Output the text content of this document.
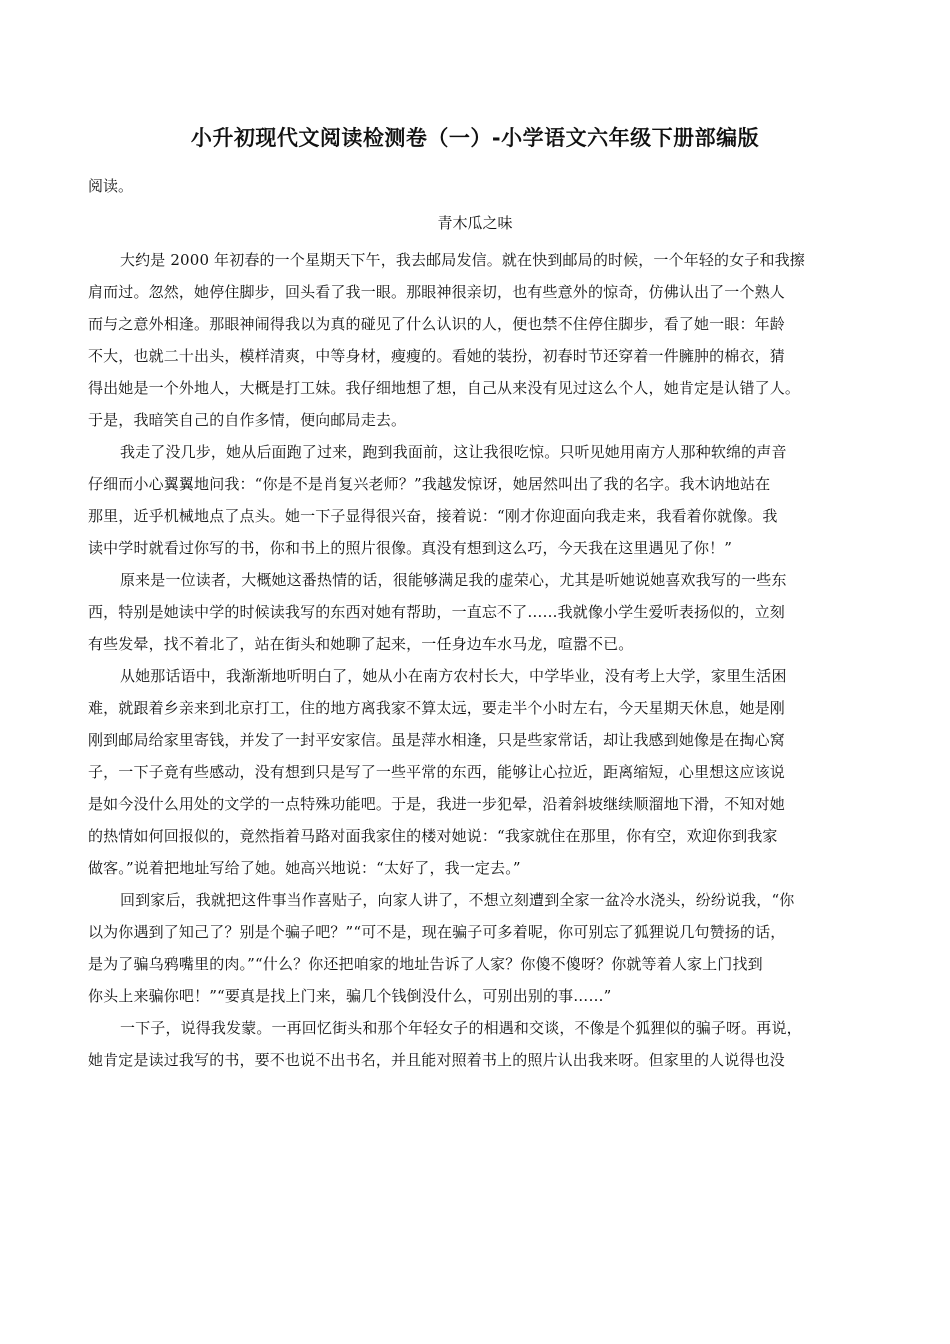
小升初现代文阅读检测卷（一）-小学语文六年级下册部编版
阅读。
青木瓜之味
大约是 2000 年初春的一个星期天下午，我去邮局发信。就在快到邮局的时候，一个年轻的女子和我擦
肩而过。忽然，她停住脚步，回头看了我一眼。那眼神很亲切，也有些意外的惊奇，仿佛认出了一个熟人
而与之意外相逢。那眼神闹得我以为真的碰见了什么认识的人，便也禁不住停住脚步，看了她一眼：年龄
不大，也就二十出头，模样清爽，中等身材，瘦瘦的。看她的装扮，初春时节还穿着一件臃肿的棉衣，猜
得出她是一个外地人，大概是打工妹。我仔细地想了想，自己从来没有见过这么个人，她肯定是认错了人。
于是，我暗笑自己的自作多情，便向邮局走去。
我走了没几步，她从后面跑了过来，跑到我面前，这让我很吃惊。只听见她用南方人那种软绵的声音
仔细而小心翼翼地问我：“你是不是肖复兴老师？”我越发惊讶，她居然叫出了我的名字。我木讷地站在
那里，近乎机械地点了点头。她一下子显得很兴奋，接着说：“刚才你迎面向我走来，我看着你就像。我
读中学时就看过你写的书，你和书上的照片很像。真没有想到这么巧，今天我在这里遇见了你！”
原来是一位读者，大概她这番热情的话，很能够满足我的虚荣心，尤其是听她说她喜欢我写的一些东
西，特别是她读中学的时候读我写的东西对她有帮助，一直忘不了……我就像小学生爱听表扬似的，立刻
有些发晕，找不着北了，站在街头和她聊了起来，一任身边车水马龙，喧嚣不已。
从她那话语中，我渐渐地听明白了，她从小在南方农村长大，中学毕业，没有考上大学，家里生活困
难，就跟着乡亲来到北京打工，住的地方离我家不算太远，要走半个小时左右，今天星期天休息，她是刚
刚到邮局给家里寄钱，并发了一封平安家信。虽是萍水相逢，只是些家常话，却让我感到她像是在掏心窝
子，一下子竟有些感动，没有想到只是写了一些平常的东西，能够让心拉近，距离缩短，心里想这应该说
是如今没什么用处的文学的一点特殊功能吧。于是，我进一步犯晕，沿着斜坡继续顺溜地下滑，不知对她
的热情如何回报似的，竟然指着马路对面我家住的楼对她说：“我家就住在那里，你有空，欢迎你到我家
做客。”说着把地址写给了她。她高兴地说：“太好了，我一定去。”
回到家后，我就把这件事当作喜贴子，向家人讲了，不想立刻遭到全家一盆冷水浇头，纷纷说我，“你
以为你遇到了知己了？别是个骗子吧？”“可不是，现在骗子可多着呢，你可别忘了狐狸说几句赞扬的话，
是为了骗乌鸦嘴里的肉。”“什么？你还把咱家的地址告诉了人家？你傻不傻呀？你就等着人家上门找到
你头上来骗你吧！”“要真是找上门来，骗几个钱倒没什么，可别出别的事……”
一下子，说得我发蒙。一再回忆街头和那个年轻女子的相遇和交谈，不像是个狐狸似的骗子呀。再说，
她肯定是读过我写的书，要不也说不出书名，并且能对照着书上的照片认出我来呀。但家里的人说得也没
